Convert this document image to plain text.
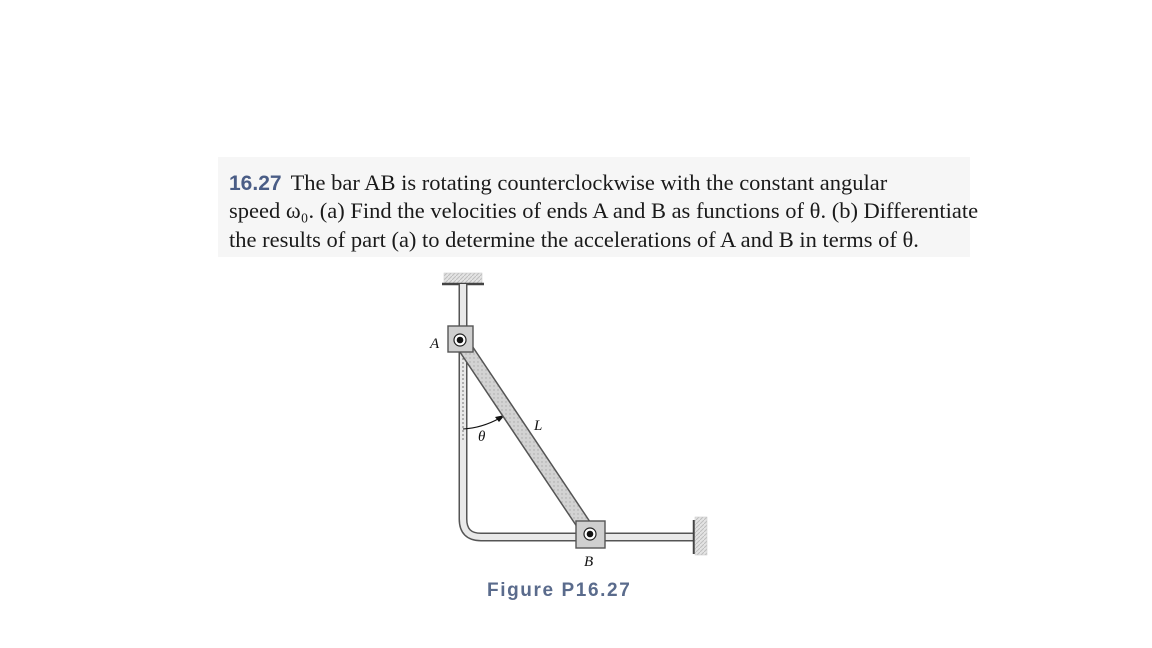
16.27 The bar AB is rotating counterclockwise with the constant angular
speed ω₀. (a) Find the velocities of ends A and B as functions of θ. (b) Differentiate
the results of part (a) to determine the accelerations of A and B in terms of θ.
A
L
θ
B
Figure P16.27
